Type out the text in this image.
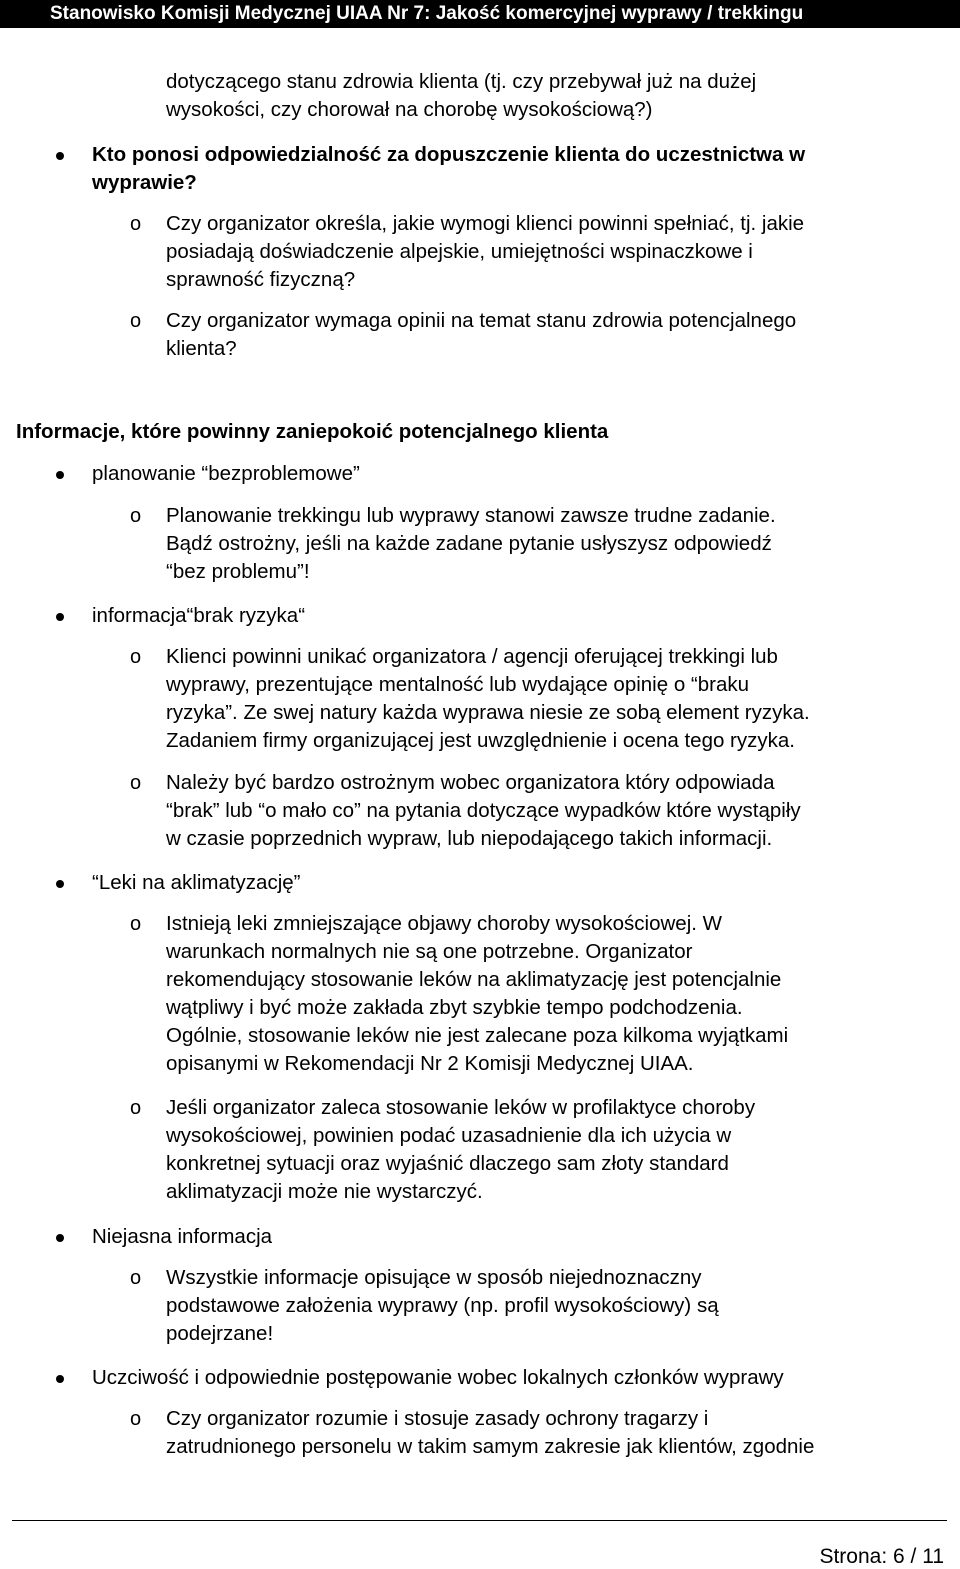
Stanowisko Komisji Medycznej UIAA Nr 7: Jakość komercyjnej wyprawy / trekkingu
dotyczącego stanu zdrowia klienta (tj. czy przebywał już na dużej
wysokości, czy chorował na chorobę wysokościową?)
Kto ponosi odpowiedzialność za dopuszczenie klienta do uczestnictwa w
wyprawie?
o Czy organizator określa, jakie wymogi klienci powinni spełniać, tj. jakie
posiadają doświadczenie alpejskie, umiejętności wspinaczkowe i
sprawność fizyczną?
o Czy organizator wymaga opinii na temat stanu zdrowia potencjalnego
klienta?
Informacje, które powinny zaniepokoić potencjalnego klienta
planowanie “bezproblemowe”
o Planowanie trekkingu lub wyprawy stanowi zawsze trudne zadanie.
Bądź ostrożny, jeśli na każde zadane pytanie usłyszysz odpowiedź
“bez problemu”!
informacja“brak ryzyka“
o Klienci powinni unikać organizatora / agencji oferującej trekkingi lub
wyprawy, prezentujące mentalność lub wydające opinię o “braku
ryzyka”. Ze swej natury każda wyprawa niesie ze sobą element ryzyka.
Zadaniem firmy organizującej jest uwzględnienie i ocena tego ryzyka.
o Należy być bardzo ostrożnym wobec organizatora który odpowiada
“brak” lub “o mało co” na pytania dotyczące wypadków które wystąpiły
w czasie poprzednich wypraw, lub niepodającego takich informacji.
“Leki na aklimatyzację”
o Istnieją leki zmniejszające objawy choroby wysokościowej. W
warunkach normalnych nie są one potrzebne. Organizator
rekomendujący stosowanie leków na aklimatyzację jest potencjalnie
wątpliwy i być może zakłada zbyt szybkie tempo podchodzenia.
Ogólnie, stosowanie leków nie jest zalecane poza kilkoma wyjątkami
opisanymi w Rekomendacji Nr 2 Komisji Medycznej UIAA.
o Jeśli organizator zaleca stosowanie leków w profilaktyce choroby
wysokościowej, powinien podać uzasadnienie dla ich użycia w
konkretnej sytuacji oraz wyjaśnić dlaczego sam złoty standard
aklimatyzacji może nie wystarczyć.
Niejasna informacja
o Wszystkie informacje opisujące w sposób niejednoznaczny
podstawowe założenia wyprawy (np. profil wysokościowy) są
podejrzane!
Uczciwość i odpowiednie postępowanie wobec lokalnych członków wyprawy
o Czy organizator rozumie i stosuje zasady ochrony tragarzy i
zatrudnionego personelu w takim samym zakresie jak klientów, zgodnie
Strona: 6 / 11
